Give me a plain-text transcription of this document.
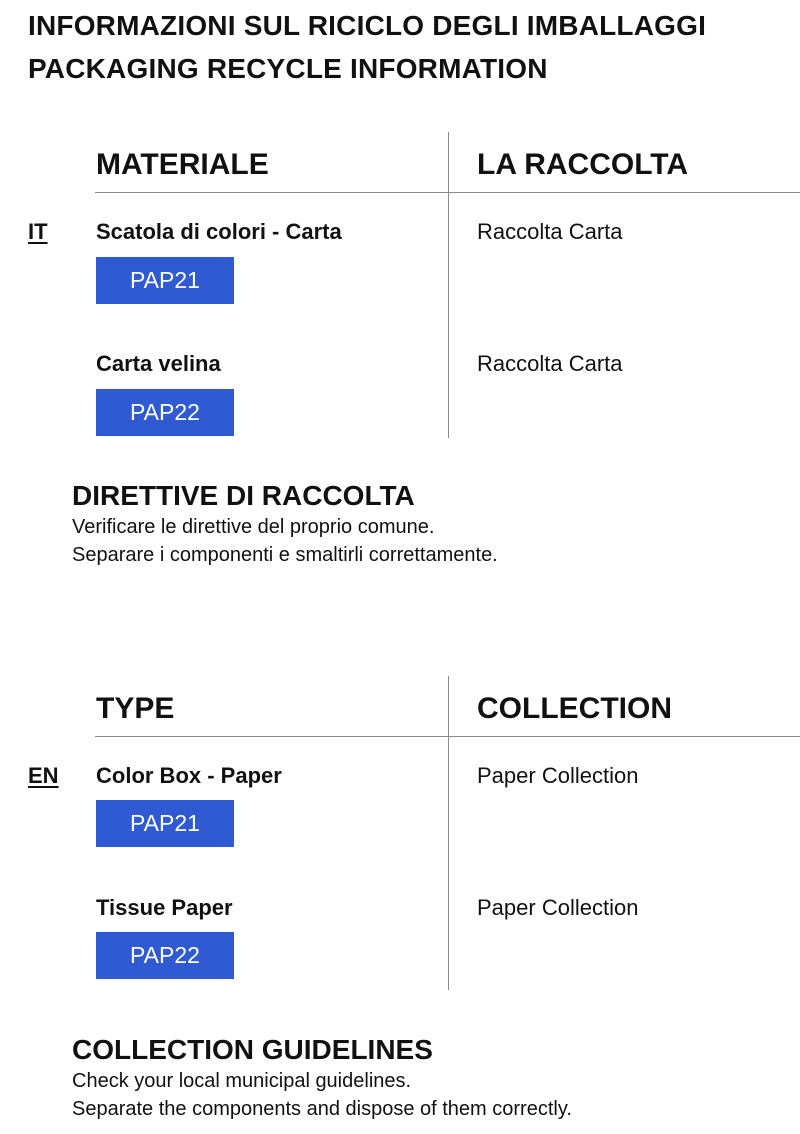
INFORMAZIONI SUL RICICLO DEGLI IMBALLAGGI
PACKAGING RECYCLE INFORMATION
MATERIALE	LA RACCOLTA
IT Scatola di colori - Carta
PAP21
Raccolta Carta
Carta velina
PAP22
Raccolta Carta
DIRETTIVE DI RACCOLTA
Verificare le direttive del proprio comune.
Separare i componenti e smaltirli correttamente.
TYPE	COLLECTION
EN Color Box - Paper
PAP21
Paper Collection
Tissue Paper
PAP22
Paper Collection
COLLECTION GUIDELINES
Check your local municipal guidelines.
Separate the components and dispose of them correctly.
